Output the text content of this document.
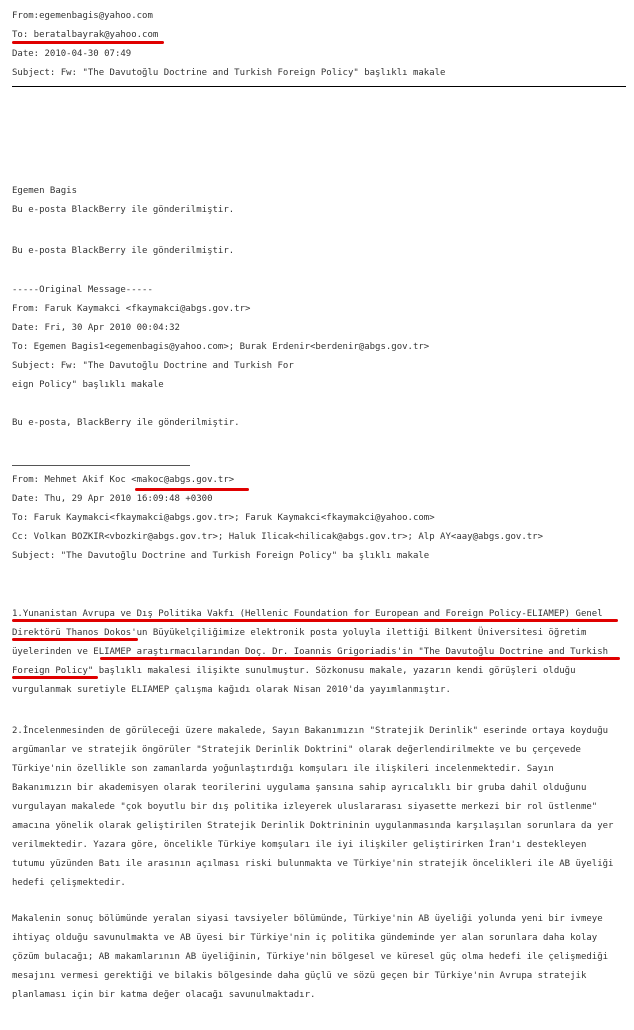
From:egemenbagis@yahoo.com
To: beratalbayrak@yahoo.com
Date: 2010-04-30 07:49
Subject: Fw: "The Davutoğlu Doctrine and Turkish Foreign Policy" başlıklı makale
Egemen Bagis
Bu e-posta BlackBerry ile gönderilmiştir.
Bu e-posta BlackBerry ile gönderilmiştir.
-----Original Message-----
From: Faruk Kaymakci <fkaymakci@abgs.gov.tr>
Date: Fri, 30 Apr 2010 00:04:32
To: Egemen Bagis1<egemenbagis@yahoo.com>; Burak Erdenir<berdenir@abgs.gov.tr>
Subject: Fw: "The Davutoğlu Doctrine and Turkish For
eign Policy" başlıklı makale
Bu e-posta, BlackBerry ile gönderilmiştir.
From: Mehmet Akif Koc <makoc@abgs.gov.tr>
Date: Thu, 29 Apr 2010 16:09:48 +0300
To: Faruk Kaymakci<fkaymakci@abgs.gov.tr>; Faruk Kaymakci<fkaymakci@yahoo.com>
Cc: Volkan BOZKIR<vbozkir@abgs.gov.tr>; Haluk Ilicak<hilicak@abgs.gov.tr>; Alp AY<aay@abgs.gov.tr>
Subject: "The Davutoğlu Doctrine and Turkish Foreign Policy" ba şlıklı makale
1.Yunanistan Avrupa ve Dış Politika Vakfı (Hellenic Foundation for European and Foreign Policy-ELIAMEP) Genel
Direktörü Thanos Dokos'un Büyükelçiliğimize elektronik posta yoluyla ilettiği Bilkent Üniversitesi öğretim
üyelerinden ve ELIAMEP araştırmacılarından Doç. Dr. Ioannis Grigoriadis'in "The Davutoğlu Doctrine and Turkish
Foreign Policy" başlıklı makalesi ilişikte sunulmuştur. Sözkonusu makale, yazarın kendi görüşleri olduğu
vurgulanmak suretiyle ELIAMEP çalışma kağıdı olarak Nisan 2010'da yayımlanmıştır.
2.İncelenmesinden de görüleceği üzere makalede, Sayın Bakanımızın "Stratejik Derinlik" eserinde ortaya koyduğu
argümanlar ve stratejik öngörüler "Stratejik Derinlik Doktrini" olarak değerlendirilmekte ve bu çerçevede
Türkiye'nin özellikle son zamanlarda yoğunlaştırdığı komşuları ile ilişkileri incelenmektedir. Sayın
Bakanımızın bir akademisyen olarak teorilerini uygulama şansına sahip ayrıcalıklı bir gruba dahil olduğunu
vurgulayan makalede "çok boyutlu bir dış politika izleyerek uluslararası siyasette merkezi bir rol üstlenme"
amacına yönelik olarak geliştirilen Stratejik Derinlik Doktrininin uygulanmasında karşılaşılan sorunlara da yer
verilmektedir. Yazara göre, öncelikle Türkiye komşuları ile iyi ilişkiler geliştirirken İran'ı destekleyen
tutumu yüzünden Batı ile arasının açılması riski bulunmakta ve Türkiye'nin stratejik öncelikleri ile AB üyeliği
hedefi çelişmektedir.
Makalenin sonuç bölümünde yeralan siyasi tavsiyeler bölümünde, Türkiye'nin AB üyeliği yolunda yeni bir ivmeye
ihtiyaç olduğu savunulmakta ve AB üyesi bir Türkiye'nin iç politika gündeminde yer alan sorunlara daha kolay
çözüm bulacağı; AB makamlarının AB üyeliğinin, Türkiye'nin bölgesel ve küresel güç olma hedefi ile çelişmediği
mesajını vermesi gerektiği ve bilakis bölgesinde daha güçlü ve sözü geçen bir Türkiye'nin Avrupa stratejik
planlaması için bir katma değer olacağı savunulmaktadır.
